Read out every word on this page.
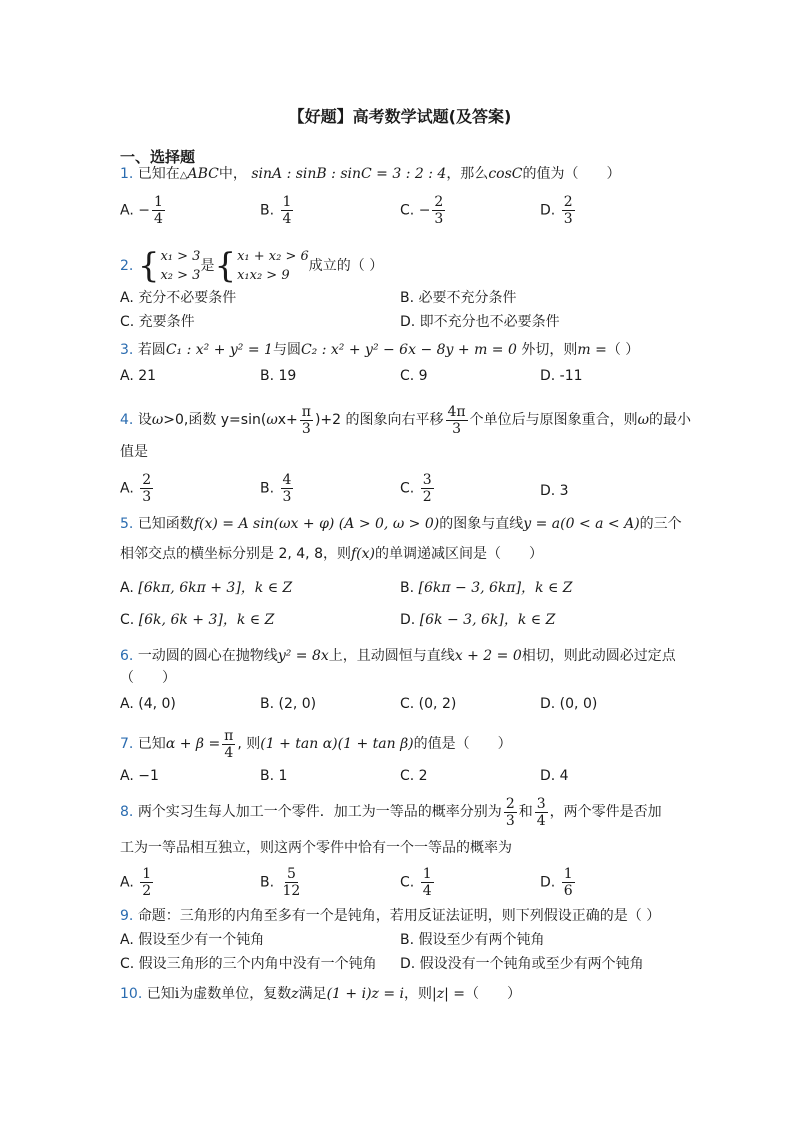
【好题】高考数学试题(及答案)
一、选择题
1. 已知在△ABC中， sinA : sinB : sinC = 3 : 2 : 4，那么cosC的值为（　　）
A. − $\frac{1}{4}$	B. $\frac{1}{4}$	C. − $\frac{2}{3}$	D. $\frac{2}{3}$
2. { x₁ > 3
x₂ > 3
是 { x₁ + x₂ > 6
x₁x₂ > 9
成立的（ ）
A. 充分不必要条件	B. 必要不充分条件
C. 充要条件	D. 即不充分也不必要条件
3. 若圆C₁ : x² + y² = 1与圆C₂ : x² + y² − 6x − 8y + m = 0 外切，则m =（ ）
A. 21	B. 19	C. 9	D. -11
4. 设ω>0,函数 $y=\sin(\omega x+ \frac{\pi}{3} )+2$ 的图象向右平移 $\frac{4\pi}{3}$ 个单位后与原图象重合，则ω的最小
值是
A. $\frac{2}{3}$	B. $\frac{4}{3}$	C. $\frac{3}{2}$	D. 3
5. 已知函数f(x) = A sin(ωx + φ) (A > 0, ω > 0)的图象与直线y = a(0 < a < A)的三个
相邻交点的横坐标分别是 2, 4, 8，则f(x)的单调递减区间是（　　）
A. [6kπ, 6kπ + 3]，k ∈ Z	B. [6kπ − 3, 6kπ]，k ∈ Z
C. [6k, 6k + 3]，k ∈ Z	D. [6k − 3, 6k]，k ∈ Z
6. 一动圆的圆心在抛物线y² = 8x上，且动圆恒与直线x + 2 = 0相切，则此动圆必过定点
（　　）
A. (4, 0)	B. (2, 0)	C. (0, 2)	D. (0, 0)
7. 已知$\alpha + \beta = \frac{\pi}{4}$ , 则(1 + tan α)(1 + tan β)的值是（　　）
A. −1	B. 1	C. 2	D. 4
8. 两个实习生每人加工一个零件．加工为一等品的概率分别为 $\frac{2}{3}$ 和 $\frac{3}{4}$ ，两个零件是否加
工为一等品相互独立，则这两个零件中恰有一个一等品的概率为
A. $\frac{1}{2}$	B. $\frac{5}{12}$	C. $\frac{1}{4}$	D. $\frac{1}{6}$
9. 命题：三角形的内角至多有一个是钝角，若用反证法证明，则下列假设正确的是（ ）
A. 假设至少有一个钝角	B. 假设至少有两个钝角
C. 假设三角形的三个内角中没有一个钝角 D. 假设没有一个钝角或至少有两个钝角
10. 已知i为虚数单位，复数z满足(1 + i)z = i，则|z| =（　　）
